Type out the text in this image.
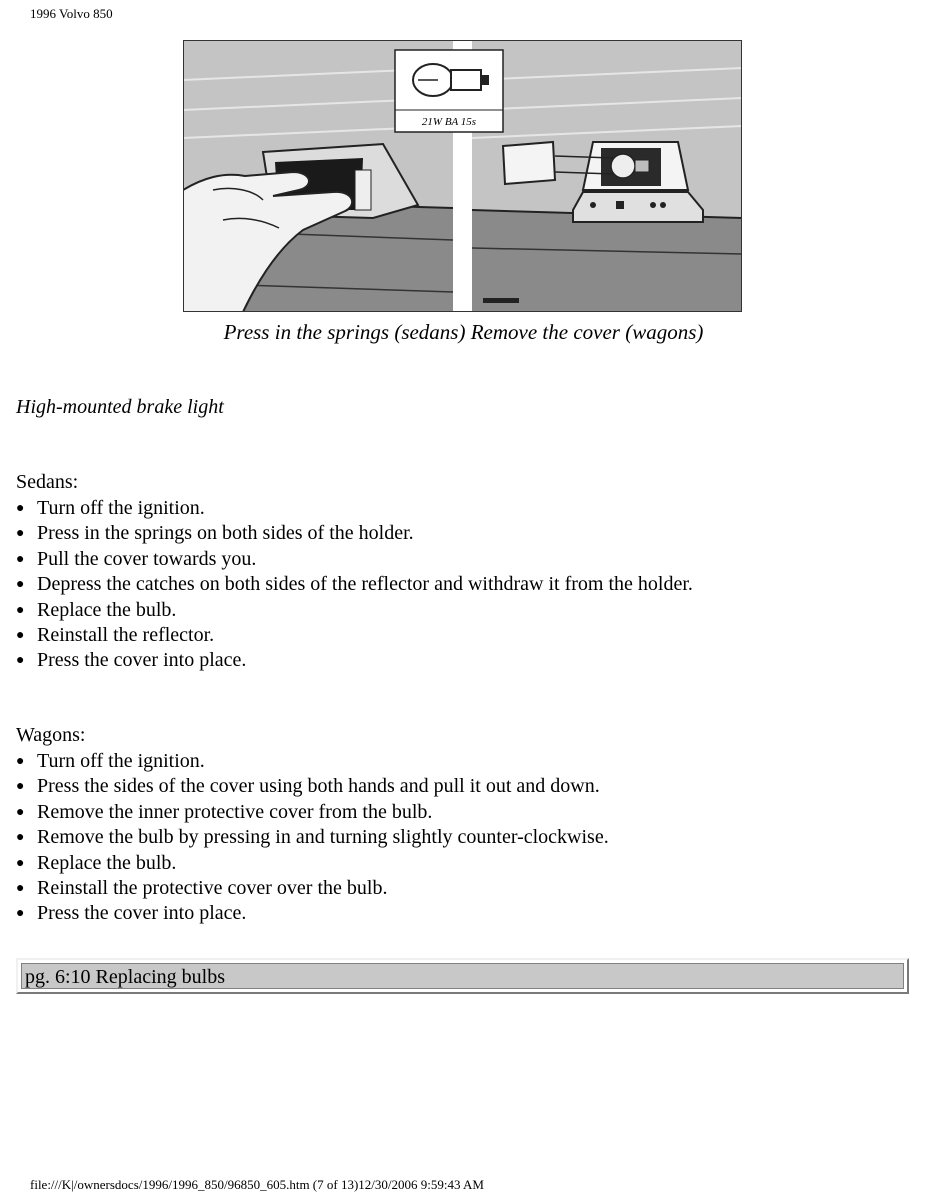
1996 Volvo 850
21W BA 15s
Press in the springs (sedans) Remove the cover (wagons)
High-mounted brake light
Sedans:
● Turn off the ignition.
● Press in the springs on both sides of the holder.
● Pull the cover towards you.
● Depress the catches on both sides of the reflector and withdraw it from the holder.
● Replace the bulb.
● Reinstall the reflector.
● Press the cover into place.
Wagons:
● Turn off the ignition.
● Press the sides of the cover using both hands and pull it out and down.
● Remove the inner protective cover from the bulb.
● Remove the bulb by pressing in and turning slightly counter-clockwise.
● Replace the bulb.
● Reinstall the protective cover over the bulb.
● Press the cover into place.
pg. 6:10 Replacing bulbs
file:///K|/ownersdocs/1996/1996_850/96850_605.htm (7 of 13)12/30/2006 9:59:43 AM
